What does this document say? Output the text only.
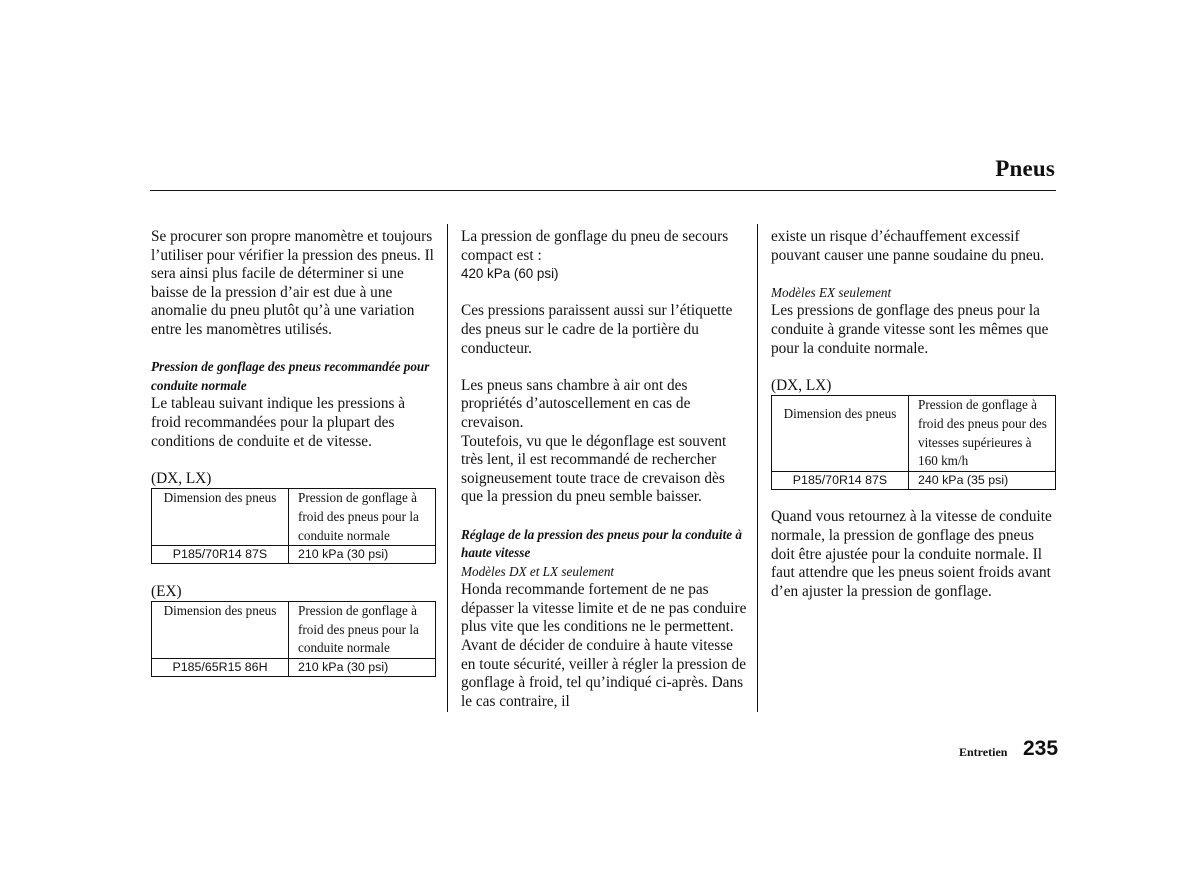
Pneus

Se procurer son propre manomètre et toujours l’utiliser pour vérifier la pression des pneus. Il sera ainsi plus facile de déterminer si une baisse de la pression d’air est due à une anomalie du pneu plutôt qu’à une variation entre les manomètres utilisés.

Pression de gonflage des pneus recommandée pour conduite normale

Le tableau suivant indique les pressions à froid recommandées pour la plupart des conditions de conduite et de vitesse.

(DX, LX)
Dimension des pneus	Pression de gonflage à froid des pneus pour la conduite normale
P185/70R14 87S	210 kPa (30 psi)
(EX)
Dimension des pneus	Pression de gonflage à froid des pneus pour la conduite normale
P185/65R15 86H	210 kPa (30 psi)

La pression de gonflage du pneu de secours compact est :

420 kPa (60 psi)

Ces pressions paraissent aussi sur l’étiquette des pneus sur le cadre de la portière du conducteur.

Les pneus sans chambre à air ont des propriétés d’autoscellement en cas de crevaison.

Toutefois, vu que le dégonflage est souvent très lent, il est recommandé de rechercher soigneusement toute trace de crevaison dès que la pression du pneu semble baisser.

Réglage de la pression des pneus pour la conduite à haute vitesse

Modèles DX et LX seulement

Honda recommande fortement de ne pas dépasser la vitesse limite et de ne pas conduire plus vite que les conditions ne le permettent. Avant de décider de conduire à haute vitesse en toute sécurité, veiller à régler la pression de gonflage à froid, tel qu’indiqué ci-après. Dans le cas contraire, il

existe un risque d’échauffement excessif pouvant causer une panne soudaine du pneu.

Modèles EX seulement

Les pressions de gonflage des pneus pour la conduite à grande vitesse sont les mêmes que pour la conduite normale.

(DX, LX)
Dimension des pneus	Pression de gonflage à froid des pneus pour des vitesses supérieures à 160 km/h
P185/70R14 87S	240 kPa (35 psi)

Quand vous retournez à la vitesse de conduite normale, la pression de gonflage des pneus doit être ajustée pour la conduite normale. Il faut attendre que les pneus soient froids avant d’en ajuster la pression de gonflage.

Entretien 235
